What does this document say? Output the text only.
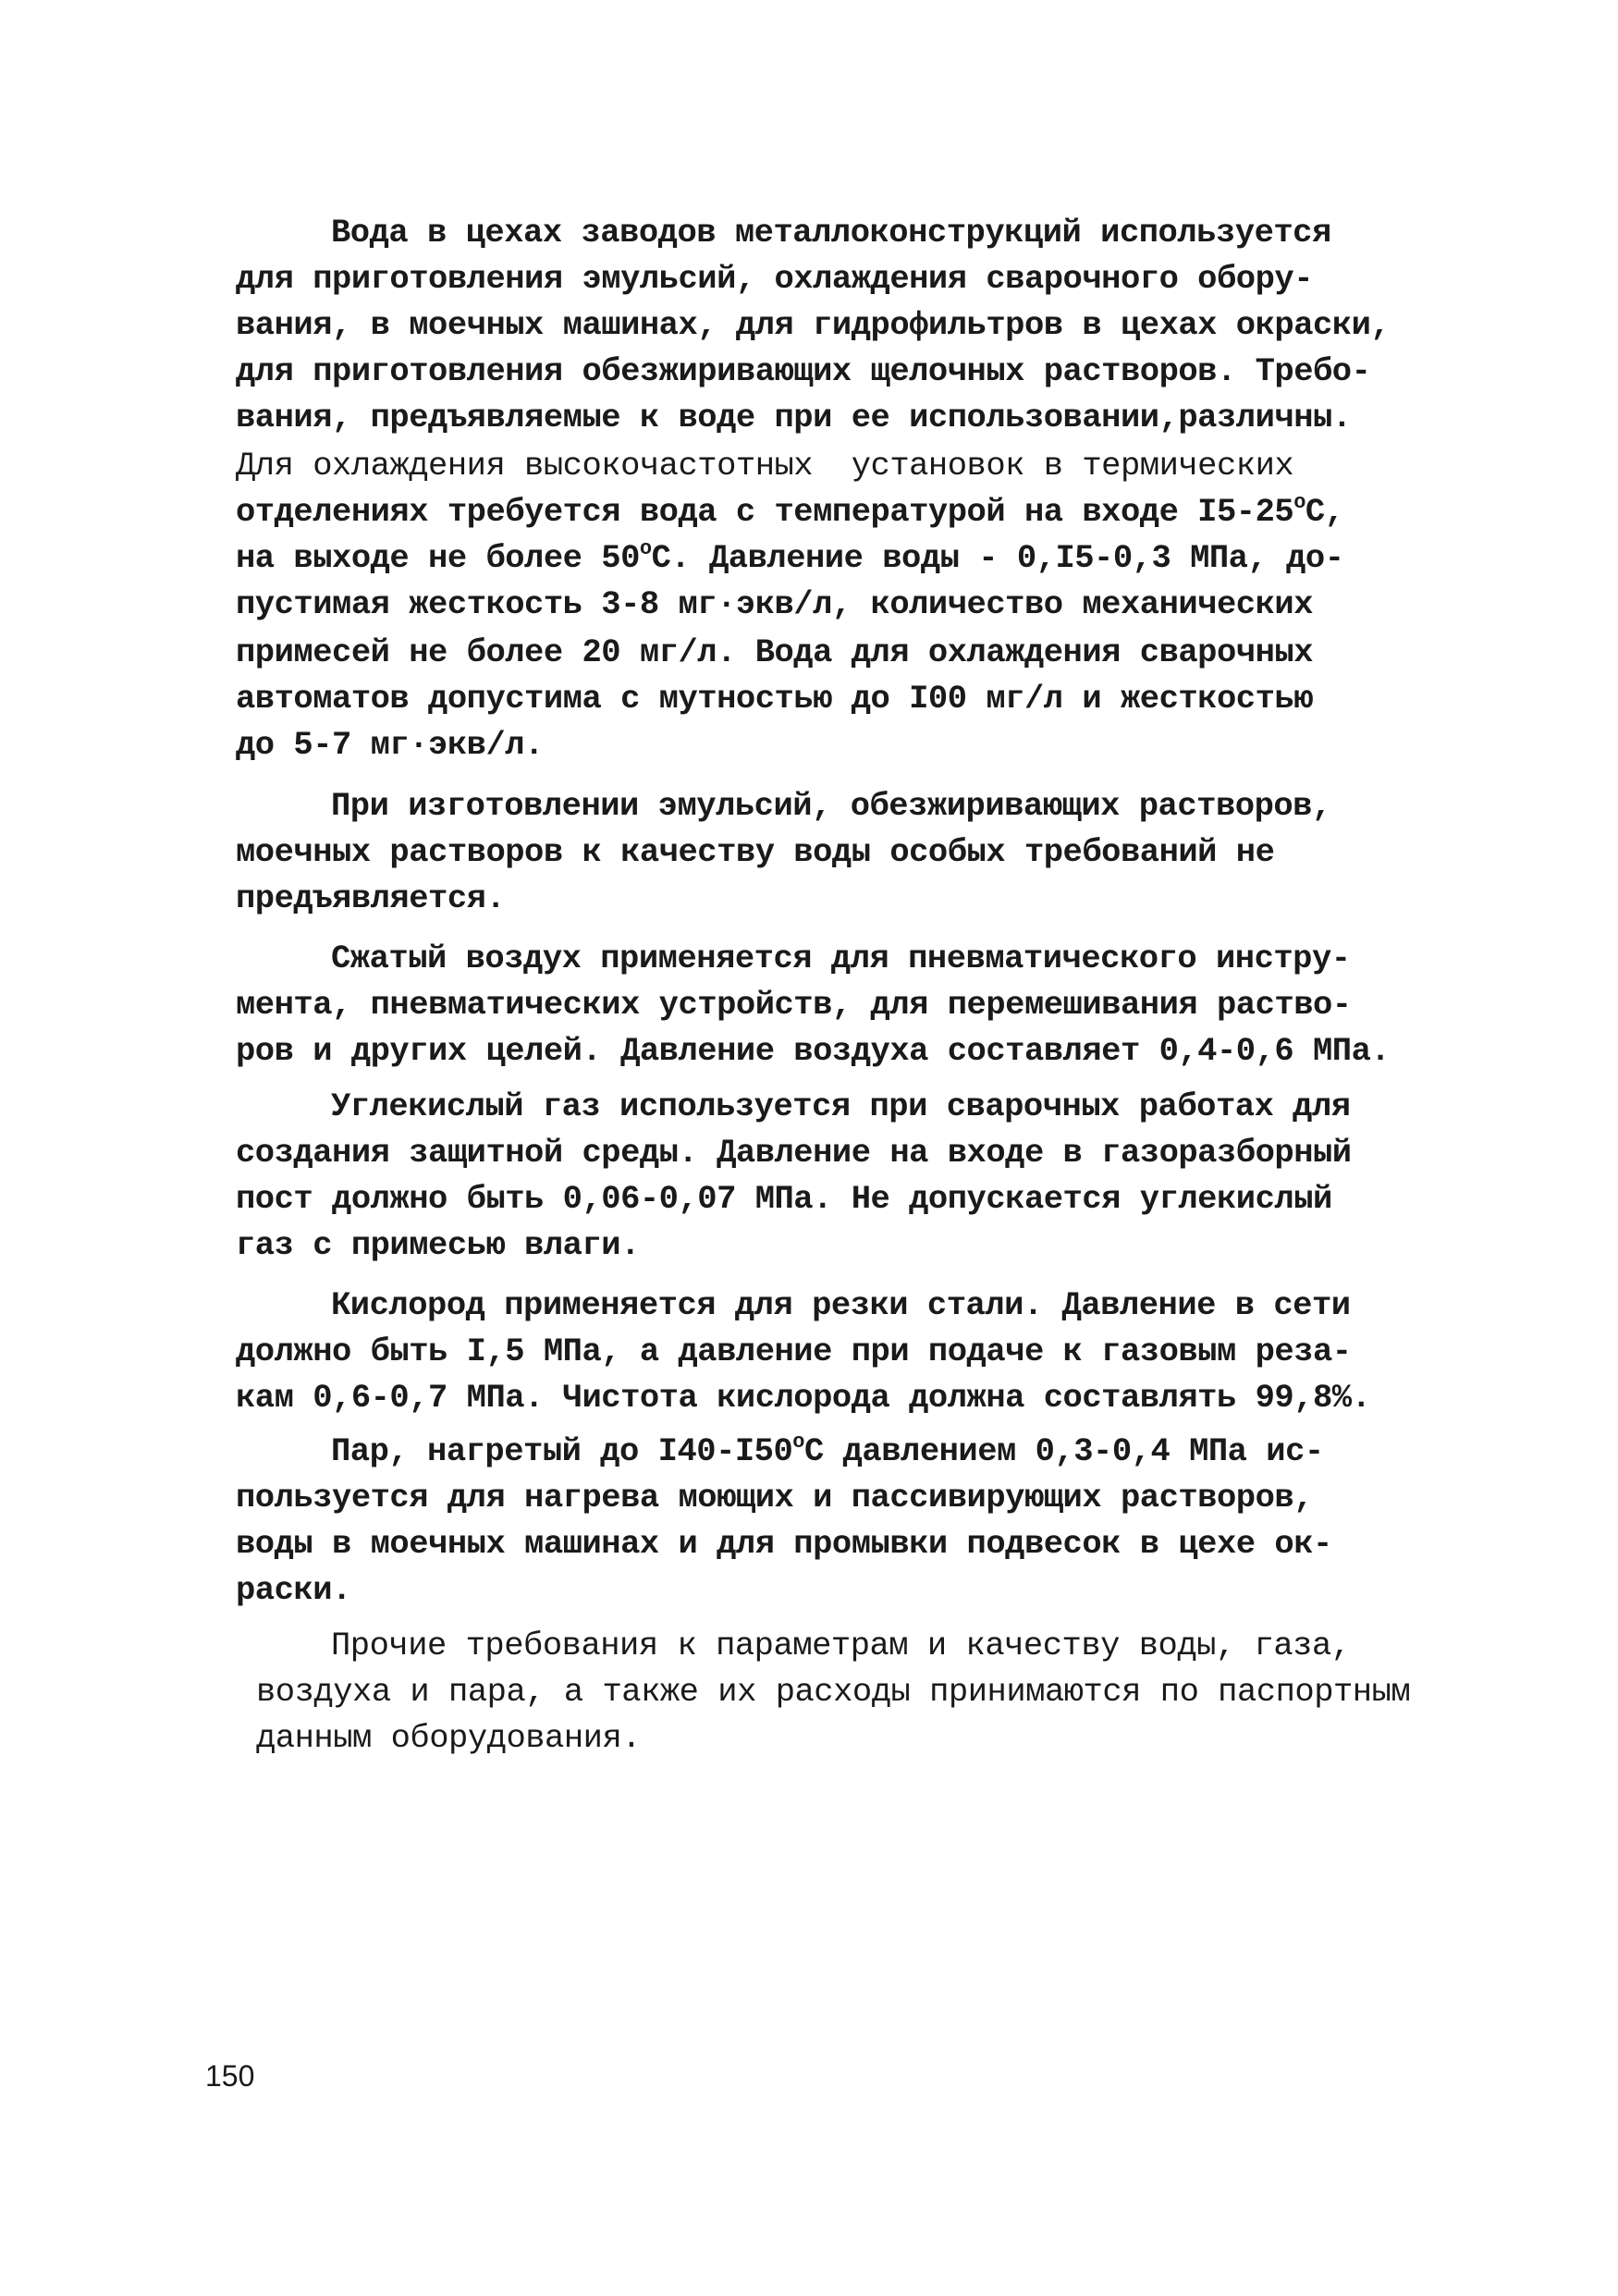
Вода в цехах заводов металлоконструкций используется
для приготовления эмульсий, охлаждения сварочного обору-
вания, в моечных машинах, для гидрофильтров в цехах окраски,
для приготовления обезжиривающих щелочных растворов. Требо-
вания, предъявляемые к воде при ее использовании,различны.
Для охлаждения высокочастотных  установок в термических
отделениях требуется вода с температурой на входе I5-25$^o$С,
на выходе не более 50$^o$С. Давление воды - 0,I5-0,3 МПа, до-
пустимая жесткость 3-8 мг·экв/л, количество механических
примесей не более 20 мг/л. Вода для охлаждения сварочных
автоматов допустима с мутностью до I00 мг/л и жесткостью
до 5-7 мг·экв/л.
При изготовлении эмульсий, обезжиривающих растворов,
моечных растворов к качеству воды особых требований не
предъявляется.
Сжатый воздух применяется для пневматического инстру-
мента, пневматических устройств, для перемешивания раство-
ров и других целей. Давление воздуха составляет 0,4-0,6 МПа.
Углекислый газ используется при сварочных работах для
создания защитной среды. Давление на входе в газоразборный
пост должно быть 0,06-0,07 МПа. Не допускается углекислый
газ с примесью влаги.
Кислород применяется для резки стали. Давление в сети
должно быть I,5 МПа, а давление при подаче к газовым реза-
кам 0,6-0,7 МПа. Чистота кислорода должна составлять 99,8%.
Пар, нагретый до I40-I50$^o$С давлением 0,3-0,4 МПа ис-
пользуется для нагрева моющих и пассивирующих растворов,
воды в моечных машинах и для промывки подвесок в цехе ок-
раски.
Прочие требования к параметрам и качеству воды, газа,
воздуха и пара, а также их расходы принимаются по паспортным
данным оборудования.
150
